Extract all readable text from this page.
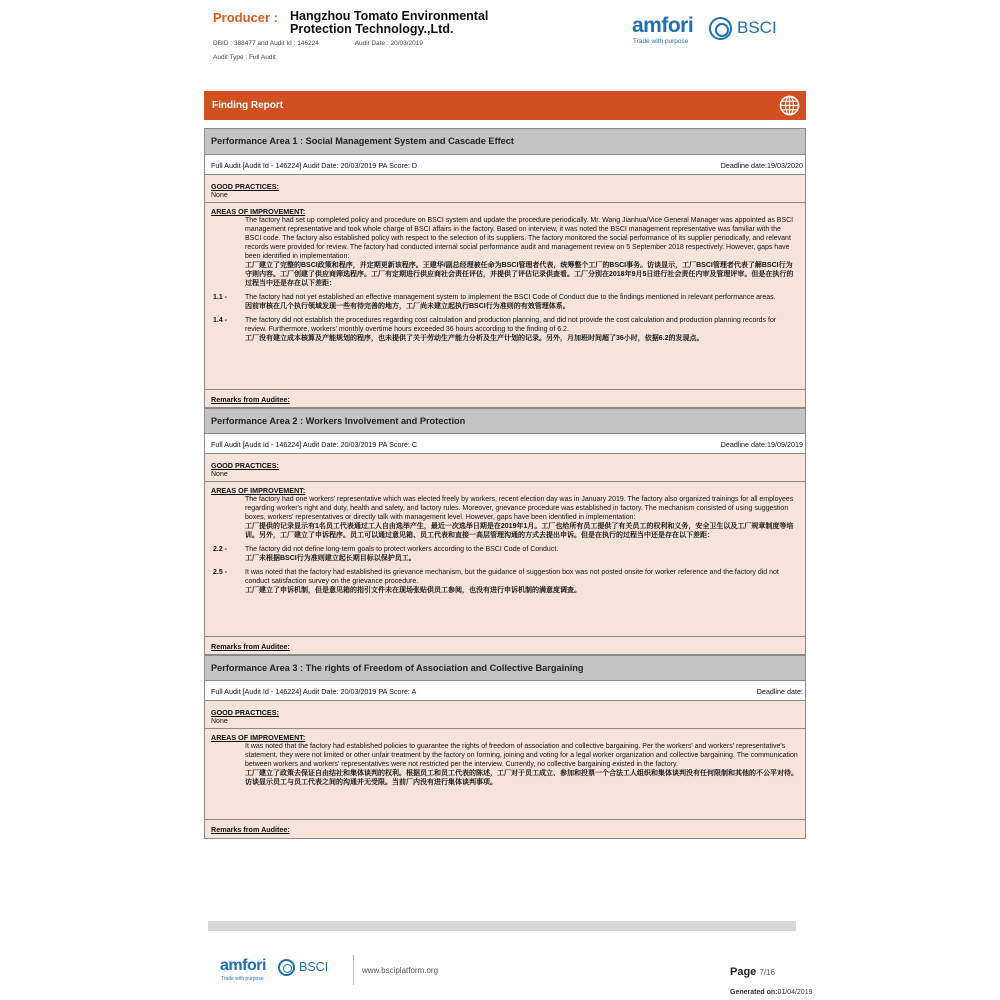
Producer : Hangzhou Tomato Environmental Protection Technology.,Ltd.
DBID : 388477 and Audit Id : 146224	Audit Date : 20/03/2019
Audit Type : Full Audit
amfori	BSCI
Trade with purpose
Finding Report
Performance Area 1 : Social Management System and Cascade Effect
Full Audit [Audit Id - 146224] Audit Date: 20/03/2019 PA Score: D	Deadline date:19/03/2020
GOOD PRACTICES:
None
AREAS OF IMPROVEMENT:
The factory had set up completed policy and procedure on BSCI system and update the procedure periodically. Mr. Wang Jianhua/Vice General Manager was appointed as BSCI management representative and took whole charge of BSCI affairs in the factory. Based on interview, it was noted the BSCI management representative was familiar with the BSCI code. The factory also established policy with respect to the selection of its suppliers. The factory monitored the social performance of its supplier periodically, and relevant records were provided for review. The factory had conducted internal social performance audit and management review on 5 September 2018 respectively. However, gaps have been identified in implementation:
工厂建立了完整的BSCI政策和程序，并定期更新该程序。王建华/副总经理被任命为BSCI管理者代表，统筹整个工厂的BSCI事务。访谈显示，工厂BSCI管理者代表了解BSCI行为守则内容。工厂创建了供应商筛选程序。工厂有定期进行供应商社会责任评估，并提供了评估记录供查看。工厂分别在2018年9月5日进行社会责任内审及管理评审。但是在执行的过程当中还是存在以下差距：
1.1 -	The factory had not yet established an effective management system to implement the BSCI Code of Conduct due to the findings mentioned in relevant performance areas.
因前审核在几个执行领域发现一些有待完善的地方，工厂尚未建立起执行BSCI行为准则的有效管理体系。
1.4 -	The factory did not establish the procedures regarding cost calculation and production planning, and did not provide the cost calculation and production planning records for review. Furthermore, workers' monthly overtime hours exceeded 36 hours according to the finding of 6.2.
工厂没有建立成本核算及产能规划的程序，也未提供了关于劳动生产能力分析及生产计划的记录。另外，月加班时间超了36小时，依据6.2的发现点。
Remarks from Auditee:
Performance Area 2 : Workers Involvement and Protection
Full Audit [Audit Id - 146224] Audit Date: 20/03/2019 PA Score: C	Deadline date:19/09/2019
GOOD PRACTICES:
None
AREAS OF IMPROVEMENT:
The factory had one workers' representative which was elected freely by workers, recent election day was in January 2019. The factory also organized trainings for all employees regarding worker's right and duty, health and safety, and factory rules. Moreover, grievance procedure was established in factory. The mechanism consisted of using suggestion boxes, workers' representatives or directly talk with management level. However, gaps have been identified in implementation:
工厂提供的记录显示有1名员工代表通过工人自由选举产生，最近一次选举日期是在2019年1月。工厂也给所有员工提供了有关员工的权利和义务，安全卫生以及工厂规章制度等培训。另外，工厂建立了申诉程序。员工可以通过意见箱、员工代表和直接一高层管理沟通的方式去提出申诉。但是在执行的过程当中还是存在以下差距：
2.2 -	The factory did not define long-term goals to protect workers according to the BSCI Code of Conduct.
工厂未根据BSCI行为准则建立起长期目标以保护员工。
2.5 -	It was noted that the factory had established its grievance mechanism, but the guidance of suggestion box was not posted onsite for worker reference and the factory did not conduct satisfaction survey on the grievance procedure.
工厂建立了申诉机制，但是意见箱的指引文件未在现场张贴供员工参阅，也没有进行申诉机制的满意度调查。
Remarks from Auditee:
Performance Area 3 : The rights of Freedom of Association and Collective Bargaining
Full Audit [Audit Id - 146224] Audit Date: 20/03/2019 PA Score: A	Deadline date:
GOOD PRACTICES:
None
AREAS OF IMPROVEMENT:
It was noted that the factory had established policies to guarantee the rights of freedom of association and collective bargaining. Per the workers' and workers' representative's statement, they were not limited or other unfair treatment by the factory on forming, joining and voting for a legal worker organization and collective bargaining. The communication between workers and workers' representatives were not restricted per the interview. Currently, no collective bargaining existed in the factory.
工厂建立了政策去保证自由结社和集体谈判的权利。根据员工和员工代表的陈述，工厂对于员工成立、参加和投票一个合法工人组织和集体谈判没有任何限制和其他的不公平对待。访谈显示员工与员工代表之间的沟通并无受限。当前厂内没有进行集体谈判事项。
Remarks from Auditee:
amfori	BSCI
Trade with purpose
www.bsciplatform.org	Page 7/16
Generated on:01/04/2019
